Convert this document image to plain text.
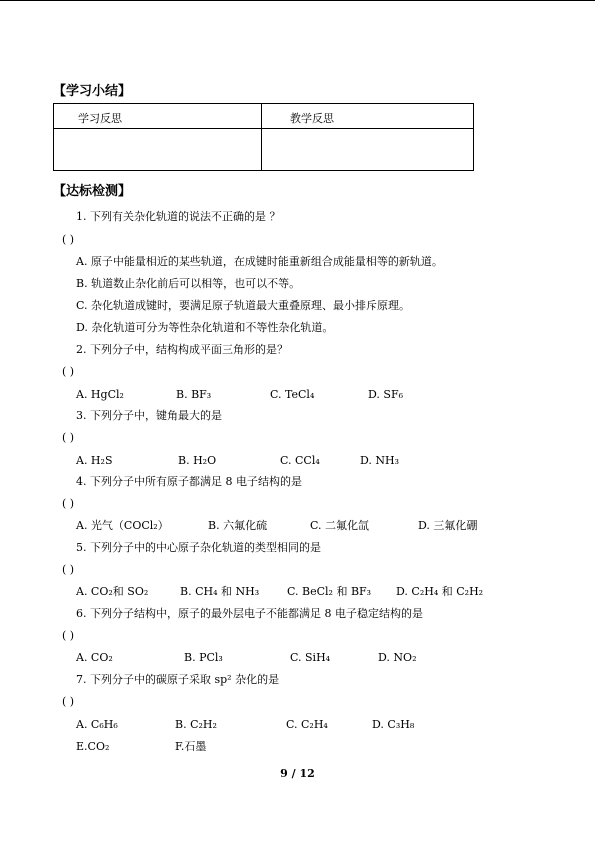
【学习小结】
学习反思	教学反思
【达标检测】
1. 下列有关杂化轨道的说法不正确的是 ？
( )
A. 原子中能量相近的某些轨道，在成键时能重新组合成能量相等的新轨道。
B. 轨道数止杂化前后可以相等，也可以不等。
C. 杂化轨道成键时，要满足原子轨道最大重叠原理、最小排斥原理。
D. 杂化轨道可分为等性杂化轨道和不等性杂化轨道。
2. 下列分子中，结构构成平面三角形的是？
( )
A. HgCl₂	B. BF₃	C. TeCl₄	D. SF₆
3. 下列分子中，键角最大的是
( )
A. H₂S	B. H₂O	C. CCl₄	D. NH₃
4. 下列分子中所有原子都满足 8 电子结构的是
( )
A. 光气（COCl₂）	B. 六氟化硫	C. 二氟化氙	D. 三氟化硼
5. 下列分子中的中心原子杂化轨道的类型相同的是
( )
A. CO₂和 SO₂	B. CH₄ 和 NH₃	C. BeCl₂ 和 BF₃ D. C₂H₄ 和 C₂H₂
6. 下列分子结构中，原子的最外层电子不能都满足 8 电子稳定结构的是
( )
A. CO₂	B. PCl₃	C. SiH₄	D. NO₂
7. 下列分子中的碳原子采取 sp² 杂化的是
( )
A. C₆H₆	B. C₂H₂	C. C₂H₄	D. C₃H₈
E.CO₂	F.石墨
9 / 12
